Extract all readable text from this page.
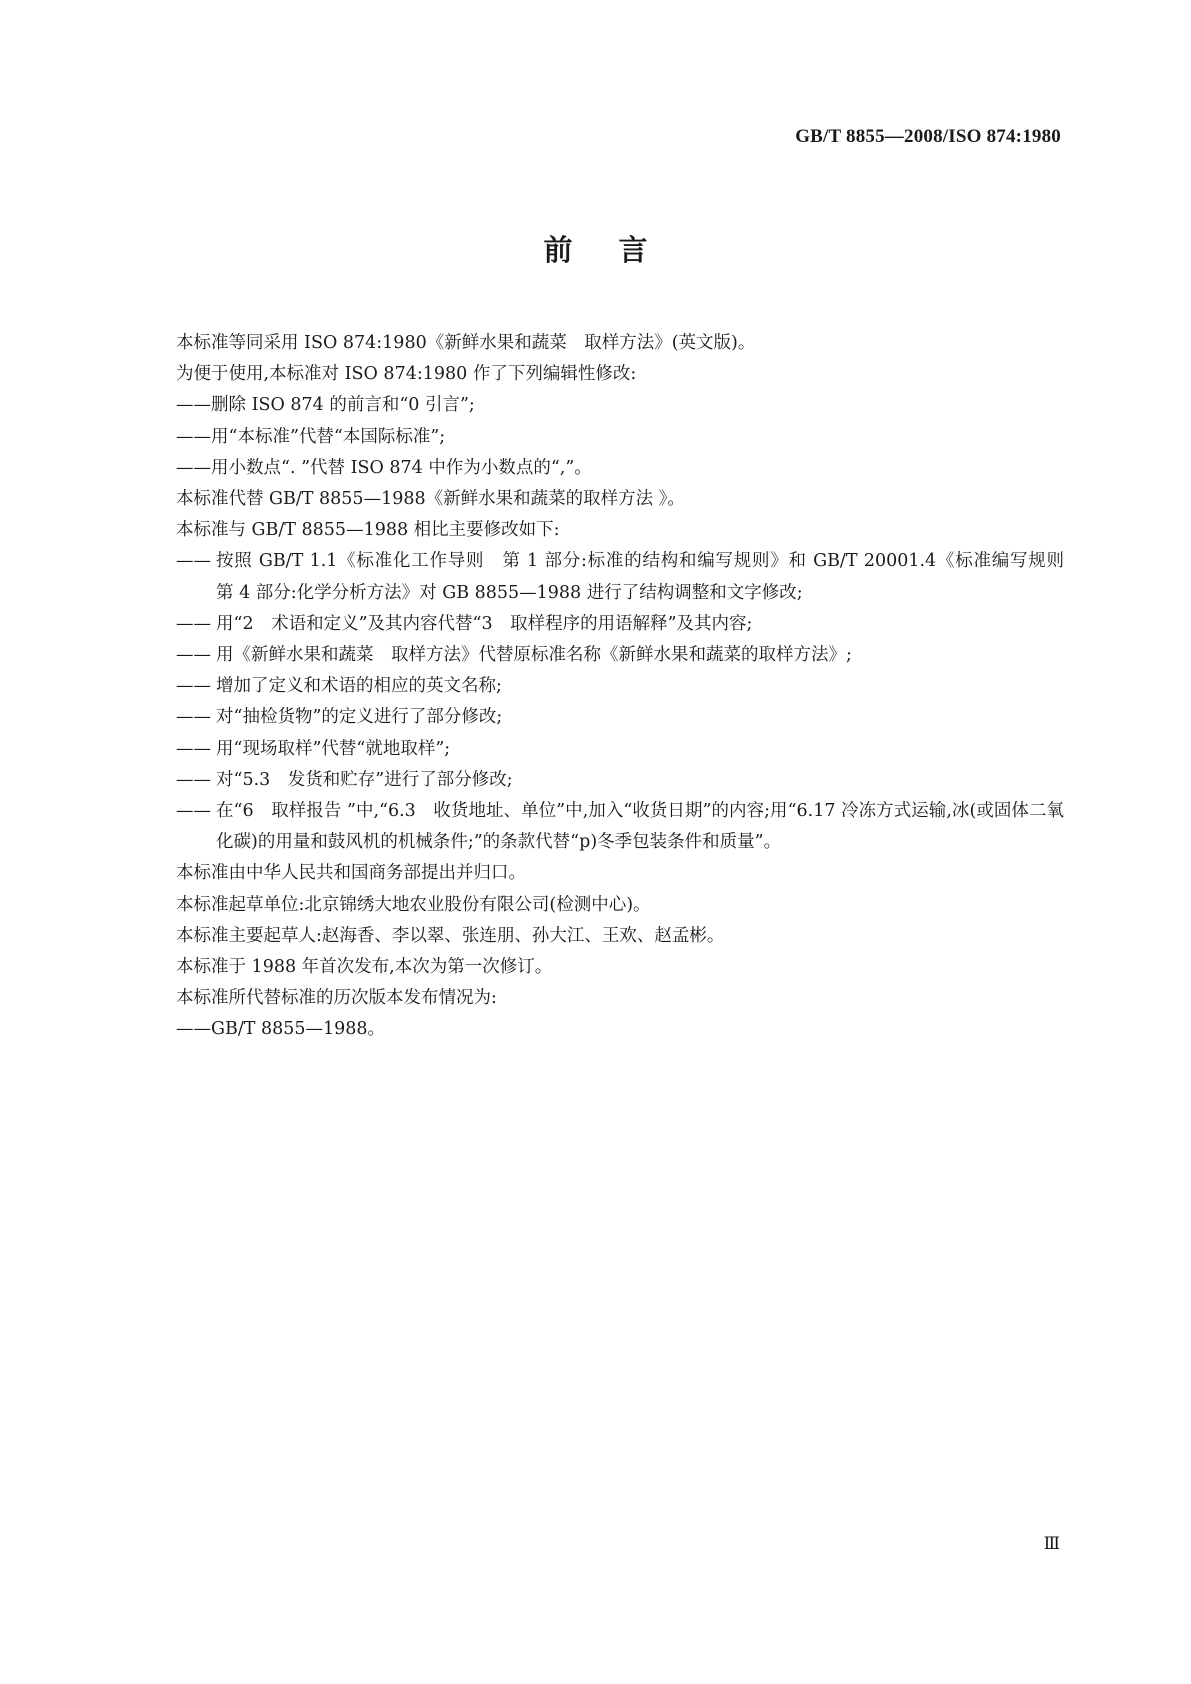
GB/T 8855—2008/ISO 874:1980
前言
本标准等同采用 ISO 874:1980《新鲜水果和蔬菜　取样方法》(英文版)。
为便于使用,本标准对 ISO 874:1980 作了下列编辑性修改:
——删除 ISO 874 的前言和“0 引言”;
——用“本标准”代替“本国际标准”;
——用小数点“. ”代替 ISO 874 中作为小数点的“,”。
本标准代替 GB/T 8855—1988《新鲜水果和蔬菜的取样方法 》。
本标准与 GB/T 8855—1988 相比主要修改如下:
—— 按照 GB/T 1.1《标准化工作导则　第 1 部分:标准的结构和编写规则》和 GB/T 20001.4《标准编写规则　第 4 部分:化学分析方法》对 GB 8855—1988 进行了结构调整和文字修改;
—— 用“2　术语和定义”及其内容代替“3　取样程序的用语解释”及其内容;
—— 用《新鲜水果和蔬菜　取样方法》代替原标准名称《新鲜水果和蔬菜的取样方法》;
—— 增加了定义和术语的相应的英文名称;
—— 对“抽检货物”的定义进行了部分修改;
—— 用“现场取样”代替“就地取样”;
—— 对“5.3　发货和贮存”进行了部分修改;
—— 在“6　取样报告 ”中,“6.3　收货地址、单位”中,加入“收货日期”的内容;用“6.17 冷冻方式运输,冰(或固体二氧化碳)的用量和鼓风机的机械条件;”的条款代替“p)冬季包装条件和质量”。
本标准由中华人民共和国商务部提出并归口。
本标准起草单位:北京锦绣大地农业股份有限公司(检测中心)。
本标准主要起草人:赵海香、李以翠、张连朋、孙大江、王欢、赵孟彬。
本标准于 1988 年首次发布,本次为第一次修订。
本标准所代替标准的历次版本发布情况为:
——GB/T 8855—1988。
Ⅲ
